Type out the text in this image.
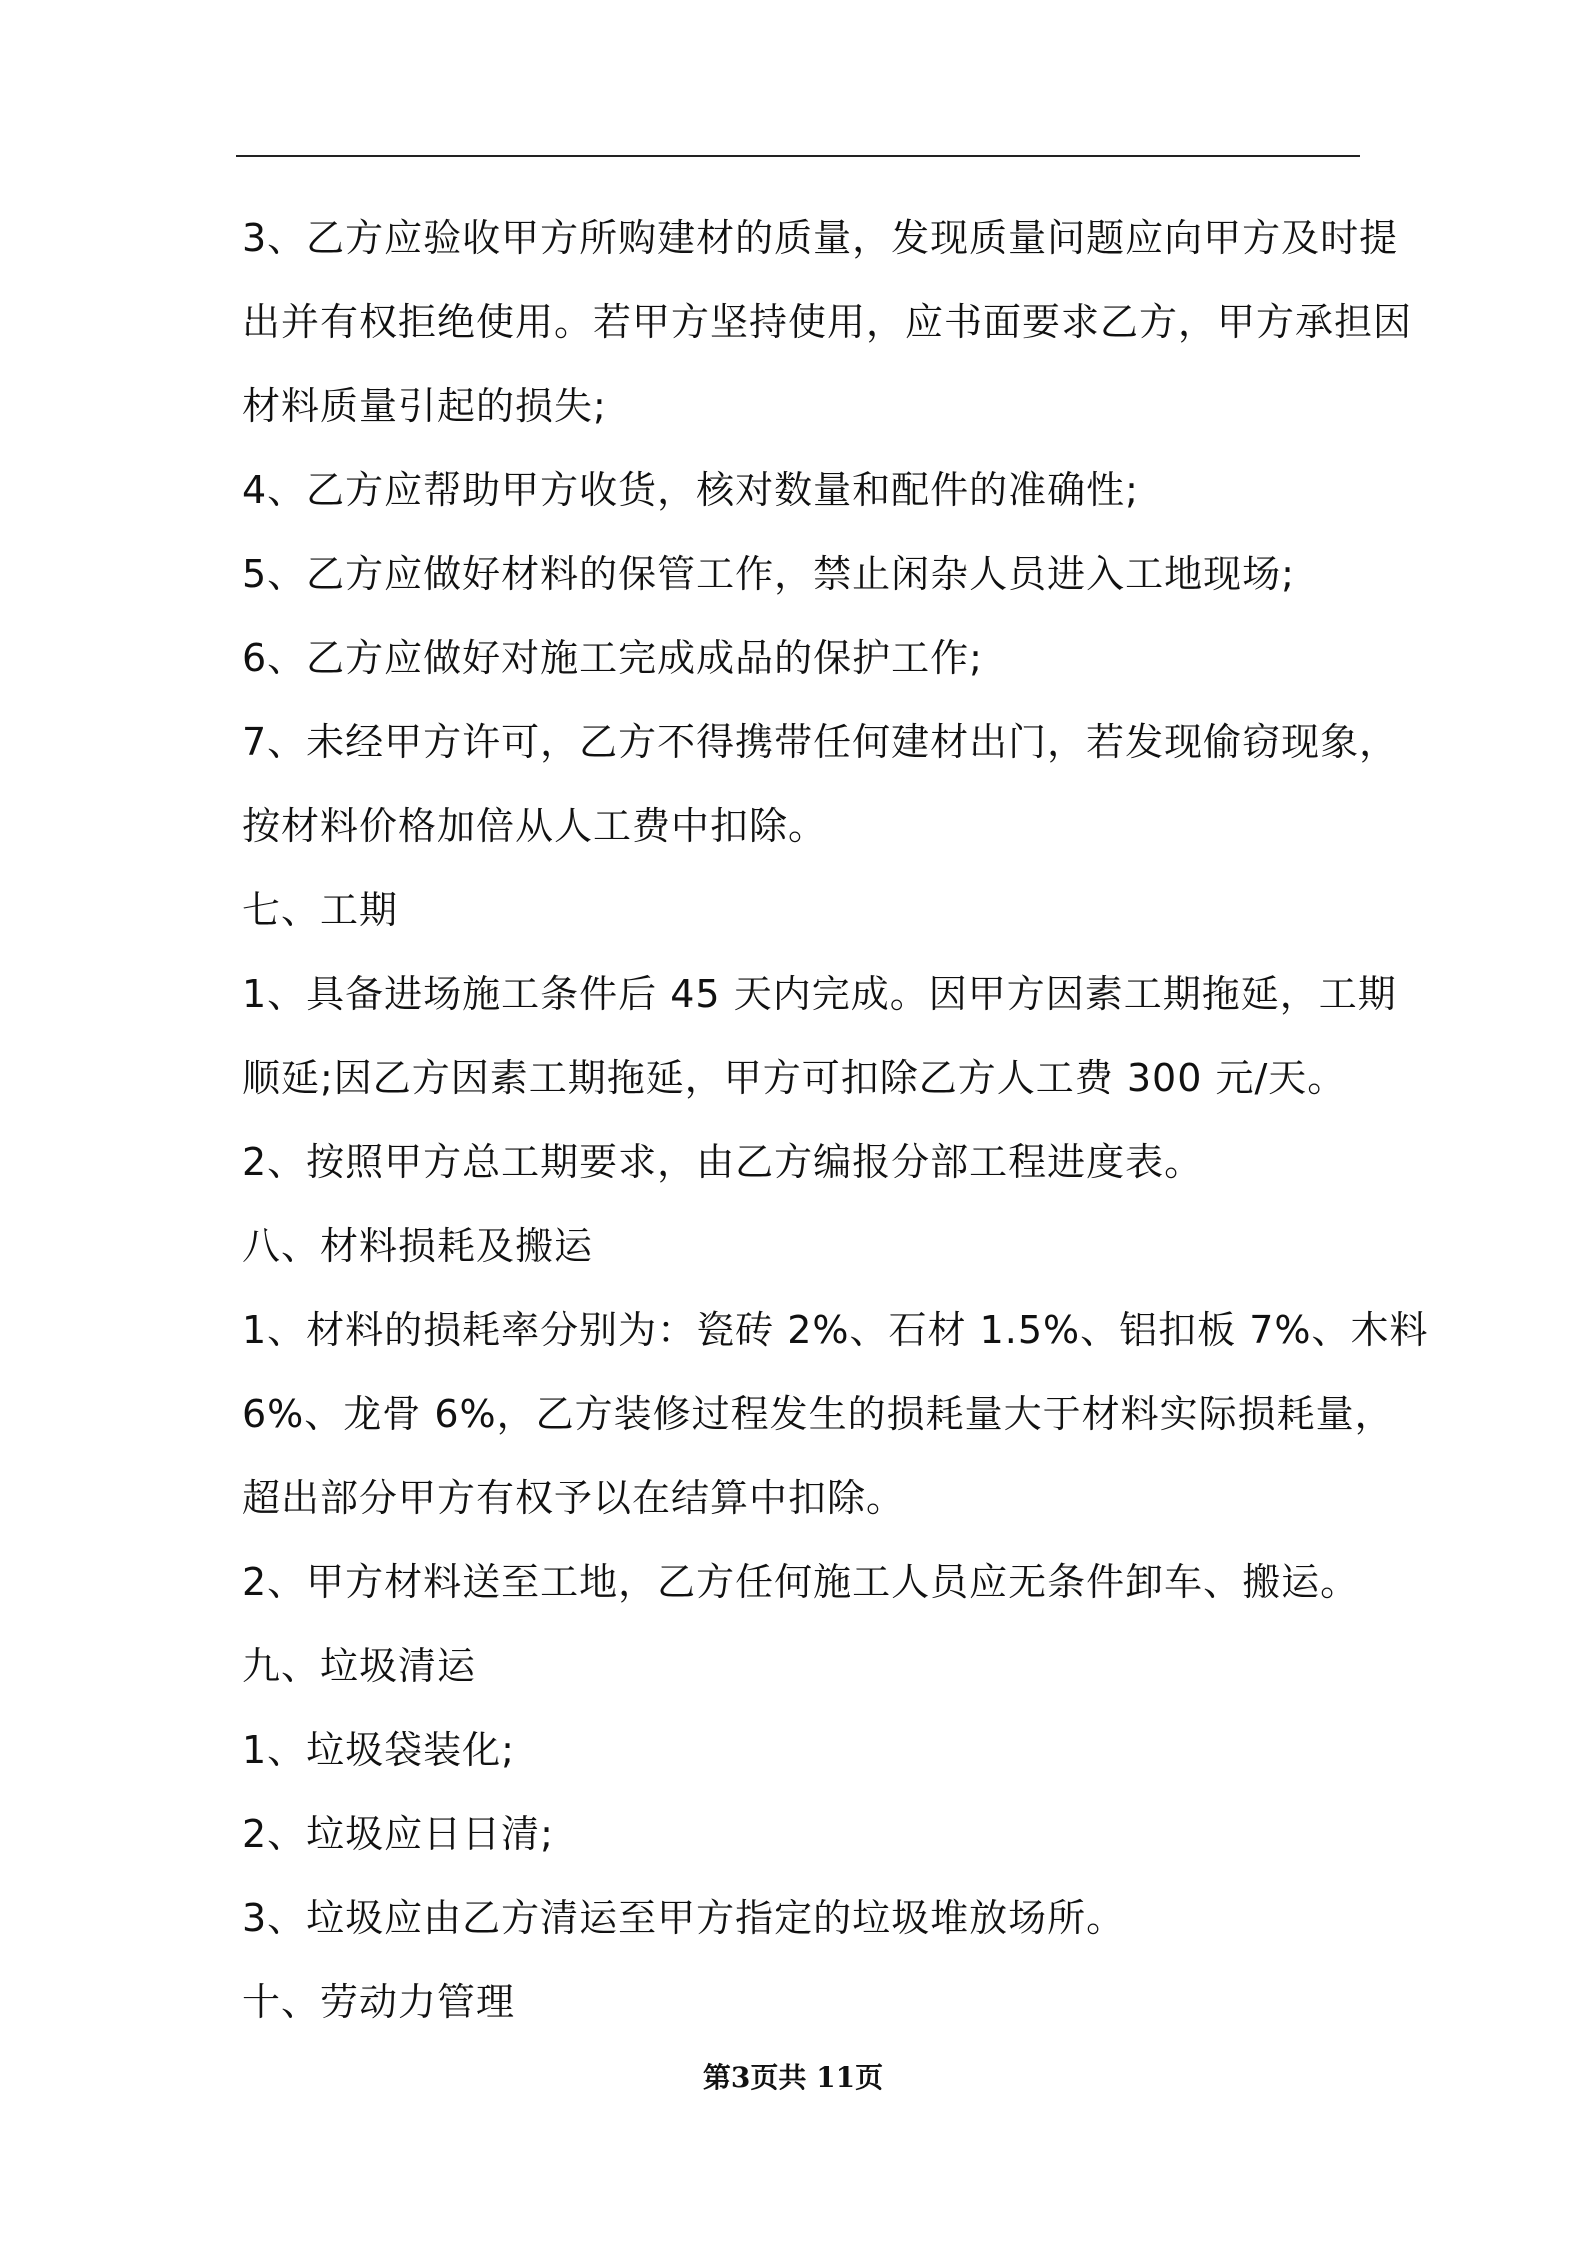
3、乙方应验收甲方所购建材的质量，发现质量问题应向甲方及时提
出并有权拒绝使用。若甲方坚持使用，应书面要求乙方，甲方承担因
材料质量引起的损失;
4、乙方应帮助甲方收货，核对数量和配件的准确性;
5、乙方应做好材料的保管工作，禁止闲杂人员进入工地现场;
6、乙方应做好对施工完成成品的保护工作;
7、未经甲方许可，乙方不得携带任何建材出门，若发现偷窃现象，
按材料价格加倍从人工费中扣除。
七、工期
1、具备进场施工条件后 45 天内完成。因甲方因素工期拖延，工期
顺延;因乙方因素工期拖延，甲方可扣除乙方人工费 300 元/天。
2、按照甲方总工期要求，由乙方编报分部工程进度表。
八、材料损耗及搬运
1、材料的损耗率分别为：瓷砖 2%、石材 1.5%、铝扣板 7%、木料
6%、龙骨 6%，乙方装修过程发生的损耗量大于材料实际损耗量，
超出部分甲方有权予以在结算中扣除。
2、甲方材料送至工地，乙方任何施工人员应无条件卸车、搬运。
九、垃圾清运
1、垃圾袋装化;
2、垃圾应日日清;
3、垃圾应由乙方清运至甲方指定的垃圾堆放场所。
十、劳动力管理
第3页共 11页
